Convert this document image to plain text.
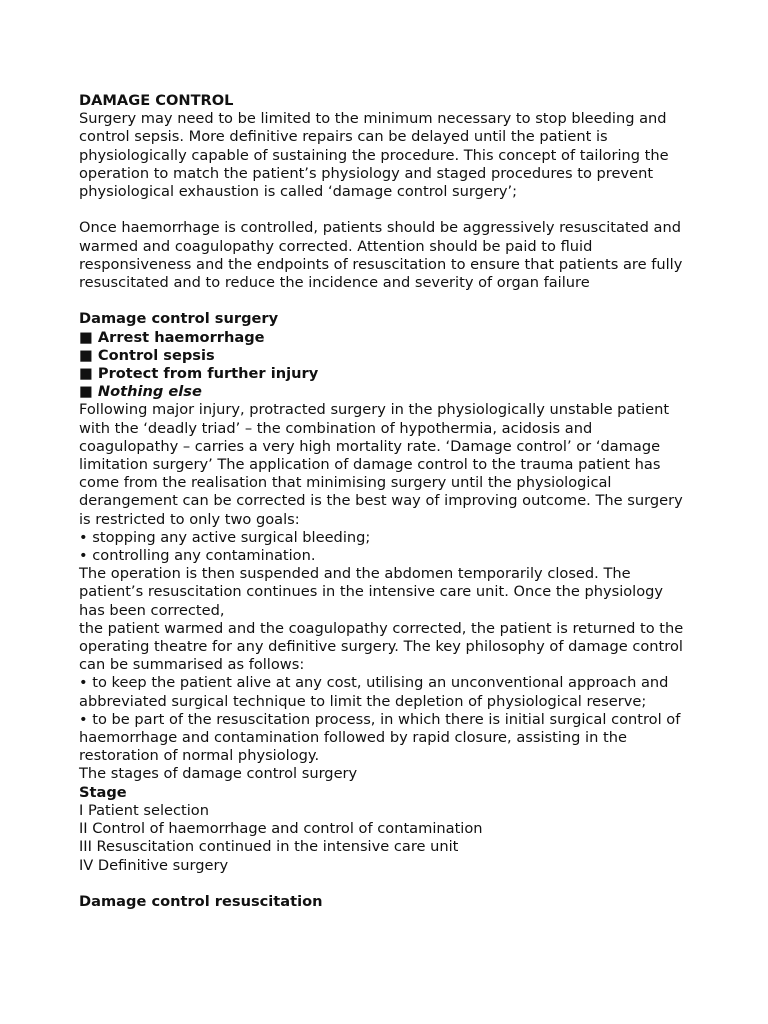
DAMAGE CONTROL
Surgery may need to be limited to the minimum necessary to stop bleeding and
control sepsis. More definitive repairs can be delayed until the patient is
physiologically capable of sustaining the procedure. This concept of tailoring the
operation to match the patient’s physiology and staged procedures to prevent
physiological exhaustion is called ‘damage control surgery’;
Once haemorrhage is controlled, patients should be aggressively resuscitated and
warmed and coagulopathy corrected. Attention should be paid to fluid
responsiveness and the endpoints of resuscitation to ensure that patients are fully
resuscitated and to reduce the incidence and severity of organ failure
Damage control surgery
■ Arrest haemorrhage
■ Control sepsis
■ Protect from further injury
■ Nothing else
Following major injury, protracted surgery in the physiologically unstable patient
with the ‘deadly triad’ – the combination of hypothermia, acidosis and
coagulopathy – carries a very high mortality rate. ‘Damage control’ or ‘damage
limitation surgery’ The application of damage control to the trauma patient has
come from the realisation that minimising surgery until the physiological
derangement can be corrected is the best way of improving outcome. The surgery
is restricted to only two goals:
• stopping any active surgical bleeding;
• controlling any contamination.
The operation is then suspended and the abdomen temporarily closed. The
patient’s resuscitation continues in the intensive care unit. Once the physiology
has been corrected,
the patient warmed and the coagulopathy corrected, the patient is returned to the
operating theatre for any definitive surgery. The key philosophy of damage control
can be summarised as follows:
• to keep the patient alive at any cost, utilising an unconventional approach and
abbreviated surgical technique to limit the depletion of physiological reserve;
• to be part of the resuscitation process, in which there is initial surgical control of
haemorrhage and contamination followed by rapid closure, assisting in the
restoration of normal physiology.
The stages of damage control surgery
Stage
I Patient selection
II Control of haemorrhage and control of contamination
III Resuscitation continued in the intensive care unit
IV Definitive surgery
Damage control resuscitation
